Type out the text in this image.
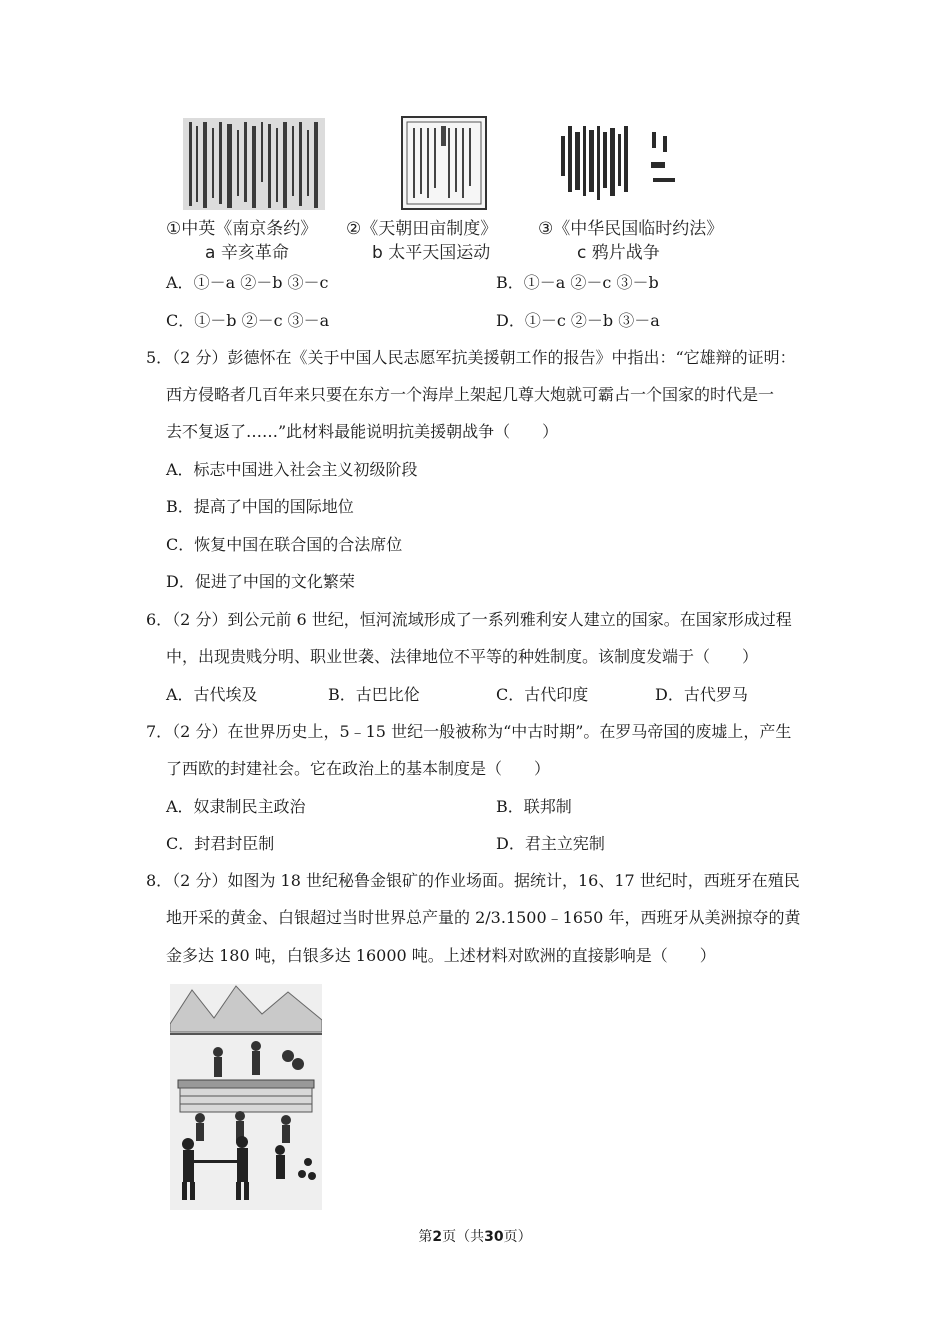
①中英《南京条约》 ②《天朝田亩制度》 ③《中华民国临时约法》
a 辛亥革命	b 太平天国运动	c 鸦片战争
A．①－a ②－b ③－c	B．①－a ②－c ③－b
C．①－b ②－c ③－a	D．①－c ②－b ③－a
5．（2 分）彭德怀在《关于中国人民志愿军抗美援朝工作的报告》中指出：“它雄辩的证明：
西方侵略者几百年来只要在东方一个海岸上架起几尊大炮就可霸占一个国家的时代是一
去不复返了……”此材料最能说明抗美援朝战争（　　）
A．标志中国进入社会主义初级阶段
B．提高了中国的国际地位
C．恢复中国在联合国的合法席位
D．促进了中国的文化繁荣
6．（2 分）到公元前 6 世纪，恒河流域形成了一系列雅利安人建立的国家。在国家形成过程
中，出现贵贱分明、职业世袭、法律地位不平等的种姓制度。该制度发端于（　　）
A．古代埃及	B．古巴比伦	C．古代印度	D．古代罗马
7．（2 分）在世界历史上，5﹣15 世纪一般被称为“中古时期”。在罗马帝国的废墟上，产生
了西欧的封建社会。它在政治上的基本制度是（　　）
A．奴隶制民主政治	B．联邦制
C．封君封臣制	D．君主立宪制
8．（2 分）如图为 18 世纪秘鲁金银矿的作业场面。据统计，16、17 世纪时，西班牙在殖民
地开采的黄金、白银超过当时世界总产量的 2/3.1500﹣1650 年，西班牙从美洲掠夺的黄
金多达 180 吨，白银多达 16000 吨。上述材料对欧洲的直接影响是（　　）
第2页（共30页）
